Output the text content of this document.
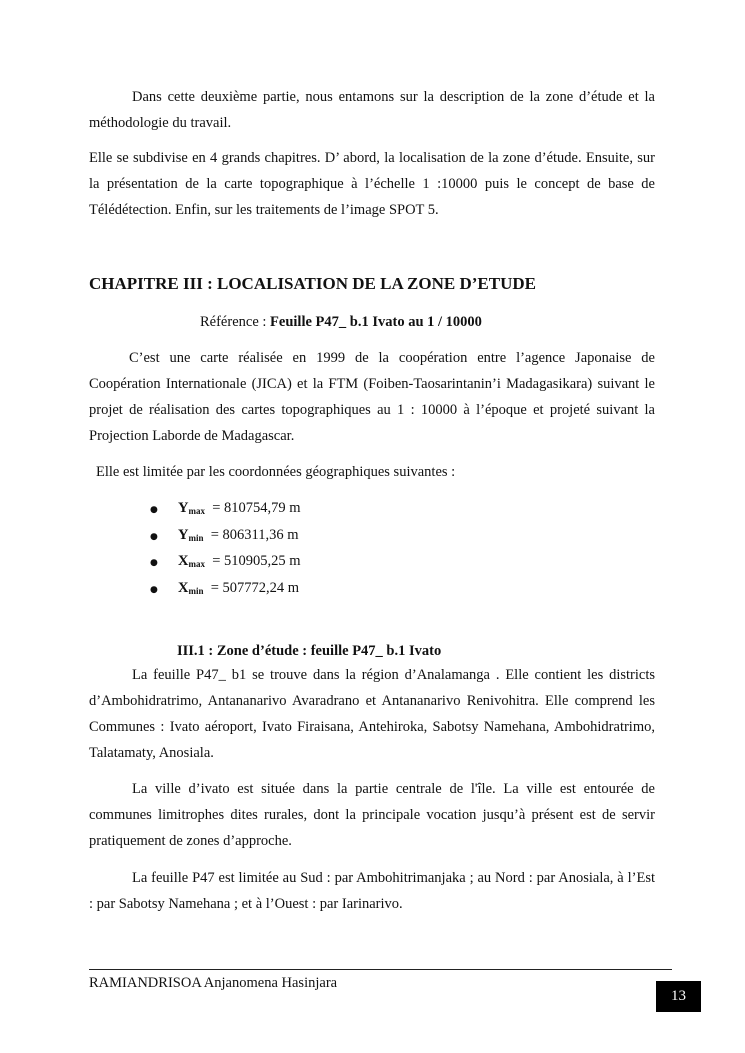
Dans cette deuxième partie, nous entamons sur la description de la zone d’étude et la méthodologie du travail.

Elle se subdivise en 4 grands chapitres. D’ abord, la localisation de la zone d’étude. Ensuite, sur la présentation de la carte topographique à l’échelle 1 :10000 puis le concept de base de Télédétection. Enfin, sur les traitements de l’image SPOT 5.

CHAPITRE III : LOCALISATION DE LA ZONE D’ETUDE
Référence : Feuille P47_ b.1 Ivato au 1 / 10000

C’est une carte réalisée en 1999 de la coopération entre l’agence Japonaise de Coopération Internationale (JICA) et la FTM (Foiben-Taosarintanin’i Madagasikara) suivant le projet de réalisation des cartes topographiques au 1 : 10000 à l’époque et projeté suivant la Projection Laborde de Madagascar.

Elle est limitée par les coordonnées géographiques suivantes :

● $Y_{max} = 810754,79$ m
● $Y_{min} = 806311,36$ m
● $X_{max} = 510905,25$ m
● $X_{min} = 507772,24$ m
III.1 : Zone d’étude : feuille P47_ b.1 Ivato

La feuille P47_ b1 se trouve dans la région d’Analamanga . Elle contient les districts d’Ambohidratrimo, Antananarivo Avaradrano et Antananarivo Renivohitra. Elle comprend les Communes : Ivato aéroport, Ivato Firaisana, Antehiroka, Sabotsy Namehana, Ambohidratrimo, Talatamaty, Anosiala.

La ville d’ivato est située dans la partie centrale de l'île. La ville est entourée de communes limitrophes dites rurales, dont la principale vocation jusqu’à présent est de servir pratiquement de zones d’approche.

La feuille P47 est limitée au Sud : par Ambohitrimanjaka ; au Nord : par Anosiala, à l’Est : par Sabotsy Namehana ; et à l’Ouest : par Iarinarivo.

RAMIANDRISOA Anjanomena Hasinjara
13
